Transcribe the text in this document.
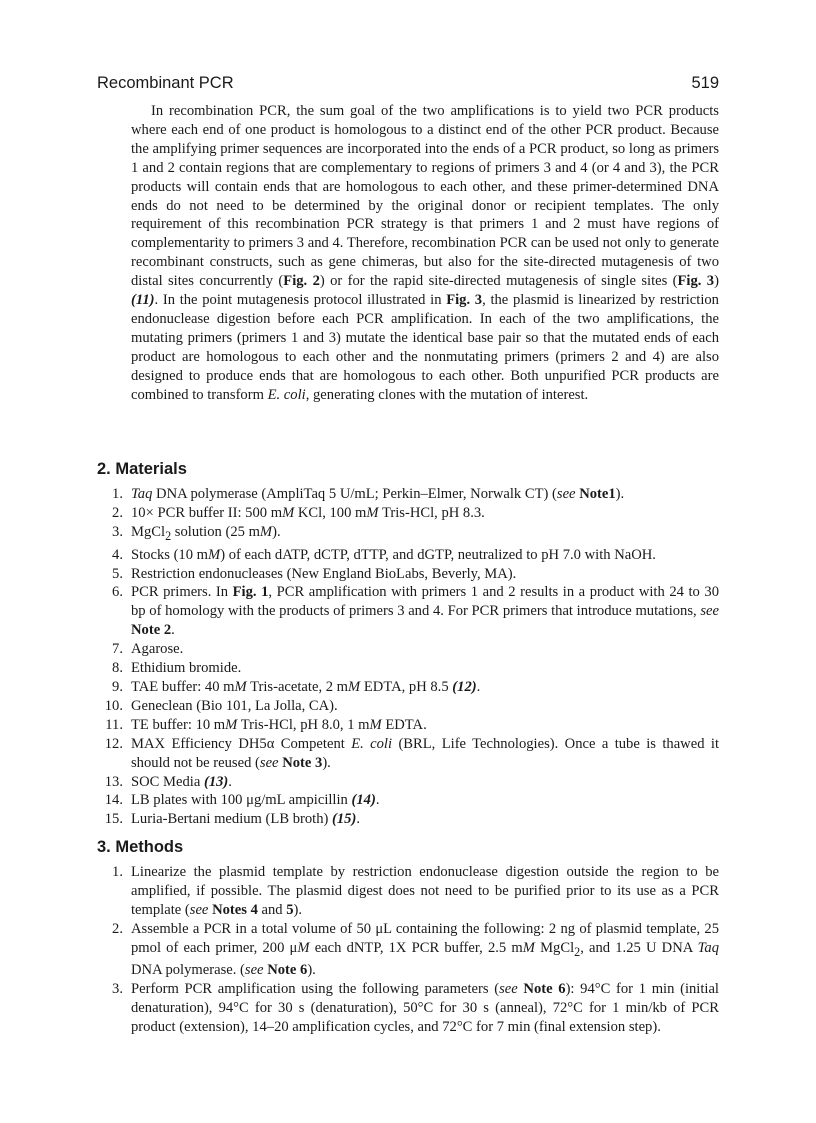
Recombinant PCR	519

In recombination PCR, the sum goal of the two amplifications is to yield two PCR products where each end of one product is homologous to a distinct end of the other PCR product. Because the amplifying primer sequences are incorporated into the ends of a PCR product, so long as primers 1 and 2 contain regions that are complementary to regions of primers 3 and 4 (or 4 and 3), the PCR products will contain ends that are homologous to each other, and these primer-determined DNA ends do not need to be determined by the original donor or recipient templates. The only requirement of this recombination PCR strategy is that primers 1 and 2 must have regions of complementarity to primers 3 and 4. Therefore, recombination PCR can be used not only to generate recombinant constructs, such as gene chimeras, but also for the site-directed mutagenesis of two distal sites concurrently (Fig. 2) or for the rapid site-directed mutagenesis of single sites (Fig. 3) (11). In the point mutagenesis protocol illustrated in Fig. 3, the plasmid is linearized by restriction endonuclease digestion before each PCR amplification. In each of the two amplifications, the mutating primers (primers 1 and 3) mutate the identical base pair so that the mutated ends of each product are homologous to each other and the nonmutating primers (primers 2 and 4) are also designed to produce ends that are homologous to each other. Both unpurified PCR products are combined to transform E. coli, generating clones with the mutation of interest.

2. Materials
1. Taq DNA polymerase (AmpliTaq 5 U/mL; Perkin–Elmer, Norwalk CT) (see Note1).
2. 10× PCR buffer II: 500 mM KCl, 100 mM Tris-HCl, pH 8.3.
3. MgCl$_2$ solution (25 mM).
4. Stocks (10 mM) of each dATP, dCTP, dTTP, and dGTP, neutralized to pH 7.0 with NaOH.
5. Restriction endonucleases (New England BioLabs, Beverly, MA).
6. PCR primers. In Fig. 1, PCR amplification with primers 1 and 2 results in a product with 24 to 30 bp of homology with the products of primers 3 and 4. For PCR primers that introduce mutations, see Note 2.
7. Agarose.
8. Ethidium bromide.
9. TAE buffer: 40 mM Tris-acetate, 2 mM EDTA, pH 8.5 (12).
10. Geneclean (Bio 101, La Jolla, CA).
11. TE buffer: 10 mM Tris-HCl, pH 8.0, 1 mM EDTA.
12. MAX Efficiency DH5α Competent E. coli (BRL, Life Technologies). Once a tube is thawed it should not be reused (see Note 3).
13. SOC Media (13).
14. LB plates with 100 μg/mL ampicillin (14).
15. Luria-Bertani medium (LB broth) (15).
3. Methods
1. Linearize the plasmid template by restriction endonuclease digestion outside the region to be amplified, if possible. The plasmid digest does not need to be purified prior to its use as a PCR template (see Notes 4 and 5).
2. Assemble a PCR in a total volume of 50 μL containing the following: 2 ng of plasmid template, 25 pmol of each primer, 200 μM each dNTP, 1X PCR buffer, 2.5 mM MgCl$_2$, and 1.25 U DNA Taq DNA polymerase. (see Note 6).
3. Perform PCR amplification using the following parameters (see Note 6): 94°C for 1 min (initial denaturation), 94°C for 30 s (denaturation), 50°C for 30 s (anneal), 72°C for 1 min/kb of PCR product (extension), 14–20 amplification cycles, and 72°C for 7 min (final extension step).
